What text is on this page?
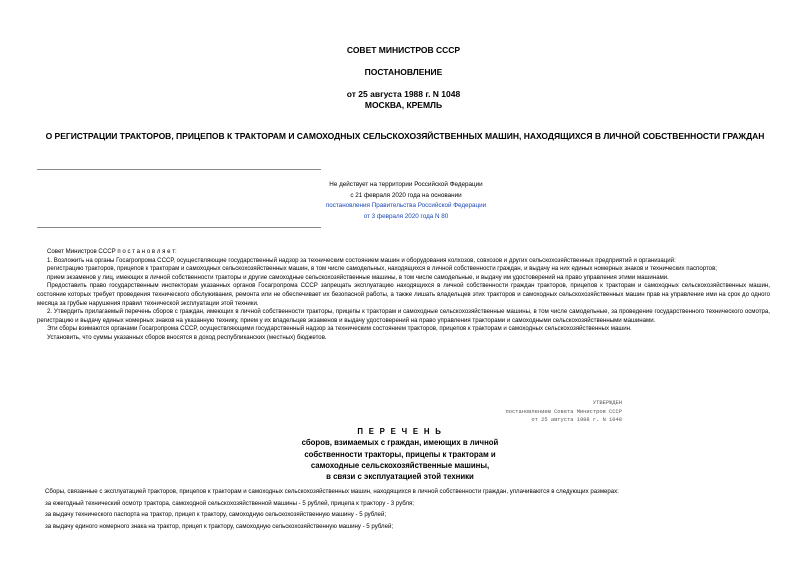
СОВЕТ МИНИСТРОВ СССР
ПОСТАНОВЛЕНИЕ
от 25 августа 1988 г. N 1048
МОСКВА, КРЕМЛЬ
О РЕГИСТРАЦИИ ТРАКТОРОВ, ПРИЦЕПОВ К ТРАКТОРАМ И САМОХОДНЫХ СЕЛЬСКОХОЗЯЙСТВЕННЫХ МАШИН, НАХОДЯЩИХСЯ В ЛИЧНОЙ СОБСТВЕННОСТИ ГРАЖДАН
Не действует на территории Российской Федерации
с 21 февраля 2020 года на основании
постановления Правительства Российской Федерации
от 3 февраля 2020 года N 80

Совет Министров СССР п о с т а н о в л я е т:

1. Возложить на органы Госагропрома СССР, осуществляющие государственный надзор за техническим состоянием машин и оборудования колхозов, совхозов и других сельскохозяйственных предприятий и организаций:

регистрацию тракторов, прицепов к тракторам и самоходных сельскохозяйственных машин, в том числе самодельных, находящихся в личной собственности граждан, и выдачу на них единых номерных знаков и технических паспортов;

прием экзаменов у лиц, имеющих в личной собственности тракторы и другие самоходные сельскохозяйственные машины, в том числе самодельные, и выдачу им удостоверений на право управления этими машинами.

Предоставить право государственным инспекторам указанных органов Госагропрома СССР запрещать эксплуатацию находящихся в личной собственности граждан тракторов, прицепов к тракторам и самоходных сельскохозяйственных машин, состояние которых требует проведения технического обслуживания, ремонта или не обеспечивает их безопасной работы, а также лишать владельцев этих тракторов и самоходных сельскохозяйственных машин прав на управление ими на срок до одного месяца за грубые нарушения правил технической эксплуатации этой техники.

2. Утвердить прилагаемый перечень сборов с граждан, имеющих в личной собственности тракторы, прицепы к тракторам и самоходные сельскохозяйственные машины, в том числе самодельные, за проведение государственного технического осмотра, регистрацию и выдачу единых номерных знаков на указанную технику, прием у их владельцев экзаменов и выдачу удостоверений на право управления тракторами и самоходными сельскохозяйственными машинами.

Эти сборы взимаются органами Госагропрома СССР, осуществляющими государственный надзор за техническим состоянием тракторов, прицепов к тракторам и самоходных сельскохозяйственных машин.

Установить, что суммы указанных сборов вносятся в доход республиканских (местных) бюджетов.

УТВЕРЖДЕН
постановлением Совета Министров СССР
от 25 августа 1988 г. N 1048
П Е Р Е Ч Е Н Ь
сборов, взимаемых с граждан, имеющих в личной
собственности тракторы, прицепы к тракторам и
самоходные сельскохозяйственные машины,
в связи с эксплуатацией этой техники

Сборы, связанные с эксплуатацией тракторов, прицепов к тракторам и самоходных сельскохозяйственных машин, находящихся в личной собственности граждан, уплачиваются в следующих размерах:

за ежегодный технический осмотр трактора, самоходной сельскохозяйственной машины - 5 рублей, прицепа к трактору - 3 рубля;

за выдачу технического паспорта на трактор, прицеп к трактору, самоходную сельскохозяйственную машину - 5 рублей;

за выдачу единого номерного знака на трактор, прицеп к трактору, самоходную сельскохозяйственную машину - 5 рублей;
